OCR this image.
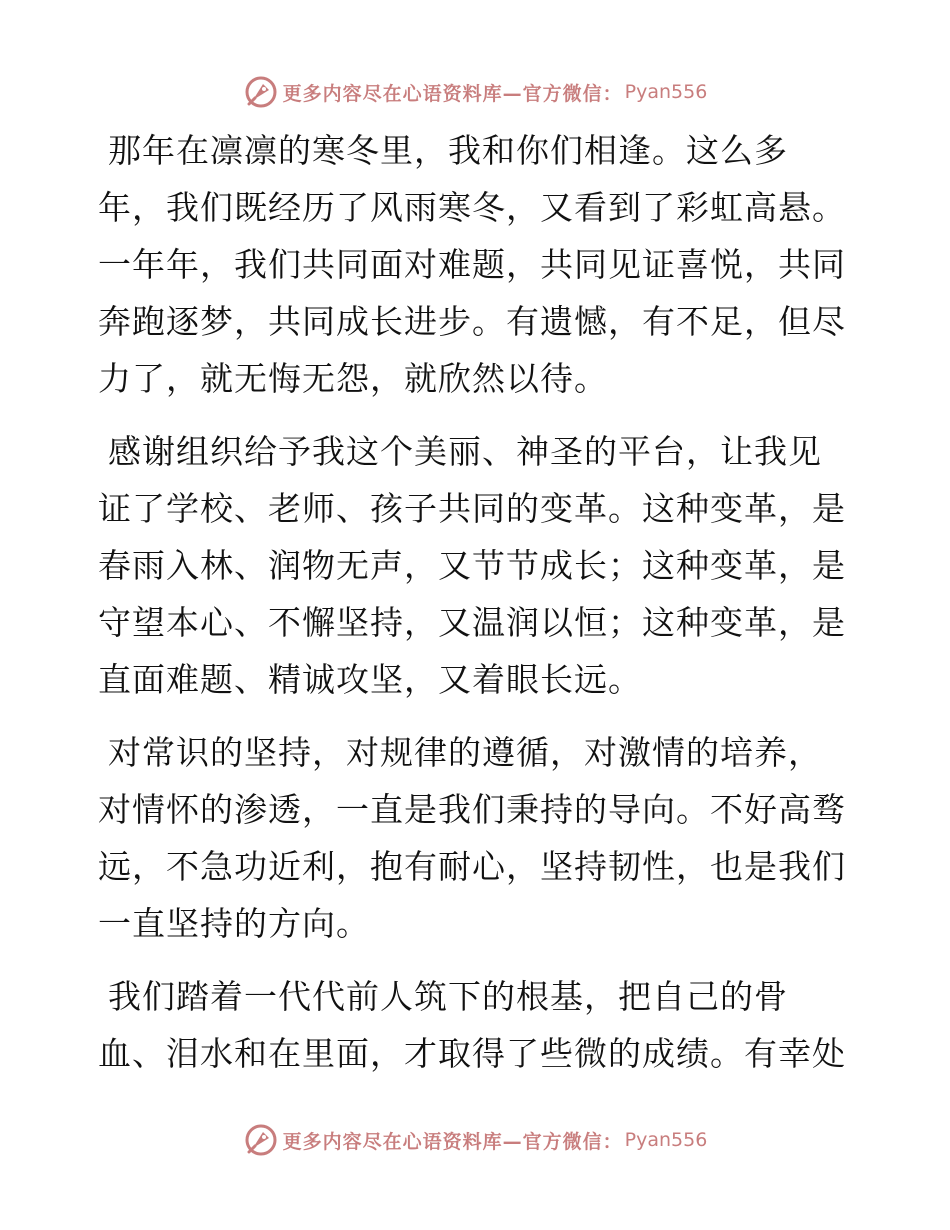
更多内容尽在心语资料库—官方微信： Pyan556

那年在凛凛的寒冬里，我和你们相逢。这么多年，我们既经历了风雨寒冬，又看到了彩虹高悬。一年年，我们共同面对难题，共同见证喜悦，共同奔跑逐梦，共同成长进步。有遗憾，有不足，但尽力了，就无悔无怨，就欣然以待。

感谢组织给予我这个美丽、神圣的平台，让我见证了学校、老师、孩子共同的变革。这种变革，是春雨入林、润物无声，又节节成长；这种变革，是守望本心、不懈坚持，又温润以恒；这种变革，是直面难题、精诚攻坚，又着眼长远。

对常识的坚持，对规律的遵循，对激情的培养，对情怀的渗透，一直是我们秉持的导向。不好高骛远，不急功近利，抱有耐心，坚持韧性，也是我们一直坚持的方向。

我们踏着一代代前人筑下的根基，把自己的骨血、泪水和在里面，才取得了些微的成绩。有幸处

更多内容尽在心语资料库—官方微信： Pyan556
